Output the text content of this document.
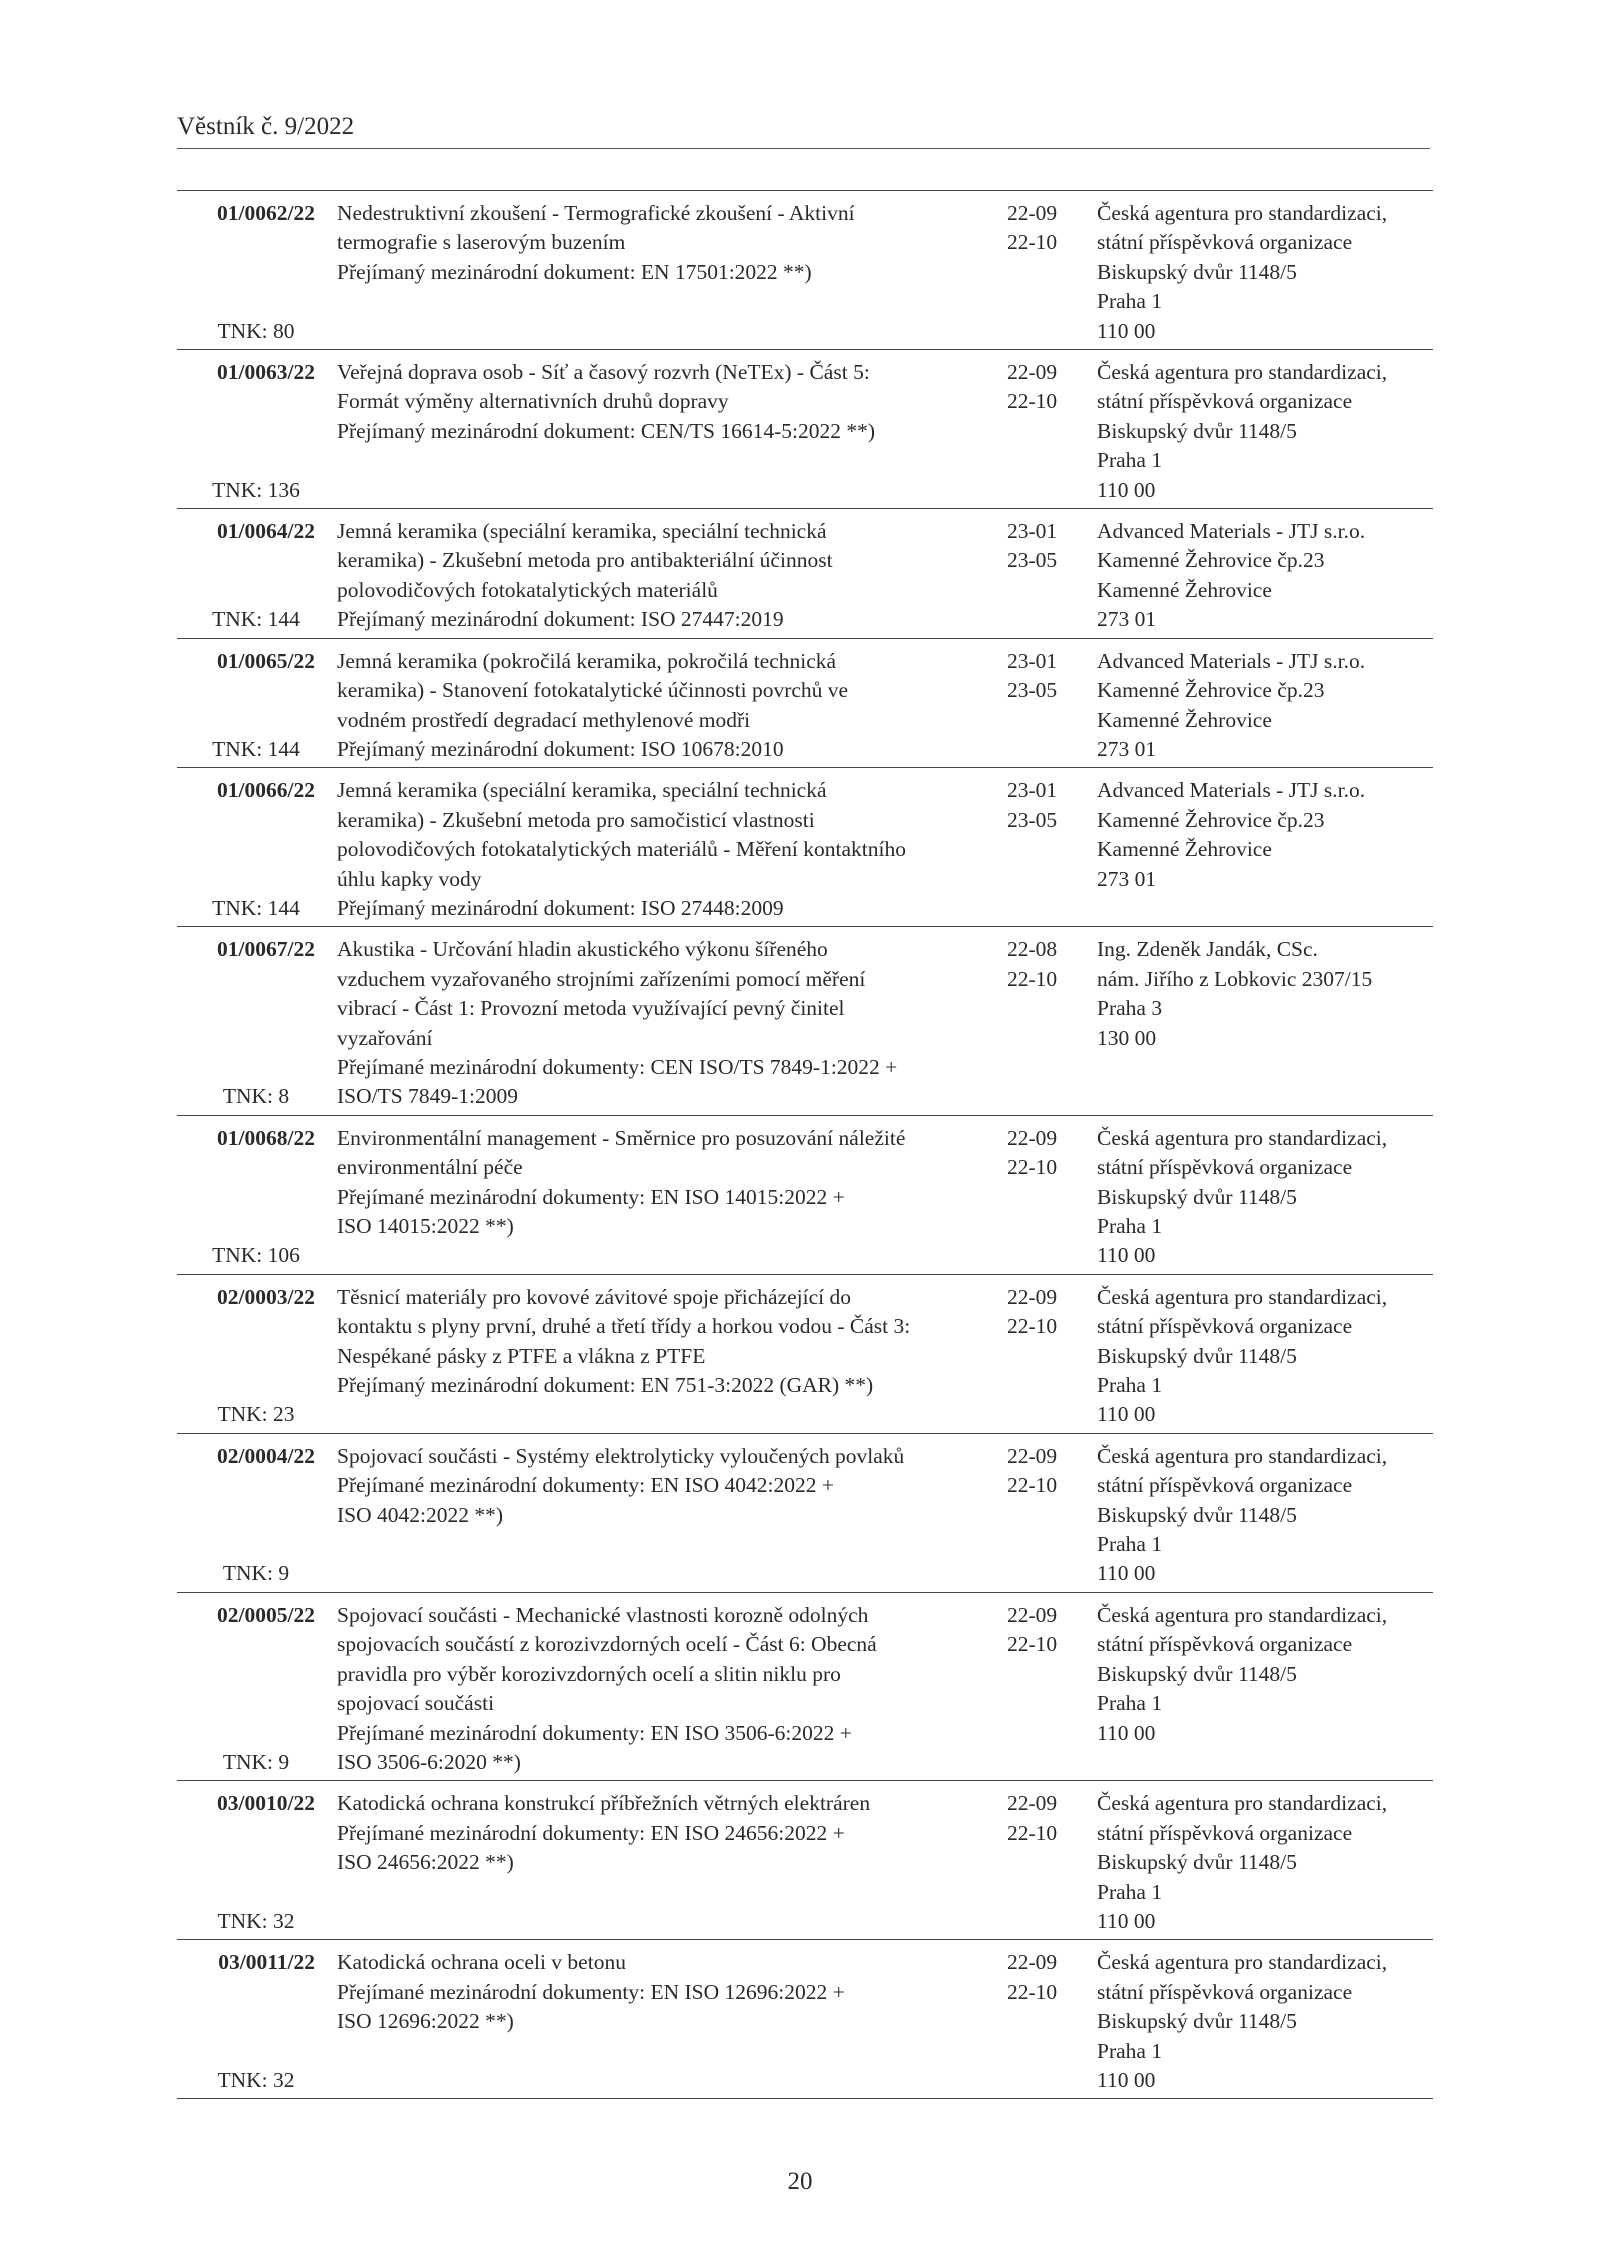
Věstník č. 9/2022
01/0062/22
TNK: 80
Nedestruktivní zkoušení - Termografické zkoušení - Aktivní
termografie s laserovým buzením
Přejímaný mezinárodní dokument: EN 17501:2022 **)
22-09
22-10
Česká agentura pro standardizaci,
státní příspěvková organizace
Biskupský dvůr 1148/5
Praha 1
110 00
01/0063/22
TNK: 136
Veřejná doprava osob - Síť a časový rozvrh (NeTEx) - Část 5:
Formát výměny alternativních druhů dopravy
Přejímaný mezinárodní dokument: CEN/TS 16614-5:2022 **)
22-09
22-10
Česká agentura pro standardizaci,
státní příspěvková organizace
Biskupský dvůr 1148/5
Praha 1
110 00
01/0064/22
TNK: 144
Jemná keramika (speciální keramika, speciální technická
keramika) - Zkušební metoda pro antibakteriální účinnost
polovodičových fotokatalytických materiálů
Přejímaný mezinárodní dokument: ISO 27447:2019
23-01
23-05
Advanced Materials - JTJ s.r.o.
Kamenné Žehrovice čp.23
Kamenné Žehrovice
273 01
01/0065/22
TNK: 144
Jemná keramika (pokročilá keramika, pokročilá technická
keramika) - Stanovení fotokatalytické účinnosti povrchů ve
vodném prostředí degradací methylenové modři
Přejímaný mezinárodní dokument: ISO 10678:2010
23-01
23-05
Advanced Materials - JTJ s.r.o.
Kamenné Žehrovice čp.23
Kamenné Žehrovice
273 01
01/0066/22
TNK: 144
Jemná keramika (speciální keramika, speciální technická
keramika) - Zkušební metoda pro samočisticí vlastnosti
polovodičových fotokatalytických materiálů - Měření kontaktního
úhlu kapky vody
Přejímaný mezinárodní dokument: ISO 27448:2009
23-01
23-05
Advanced Materials - JTJ s.r.o.
Kamenné Žehrovice čp.23
Kamenné Žehrovice
273 01
01/0067/22
TNK: 8
Akustika - Určování hladin akustického výkonu šířeného
vzduchem vyzařovaného strojními zařízeními pomocí měření
vibrací - Část 1: Provozní metoda využívající pevný činitel
vyzařování
Přejímané mezinárodní dokumenty: CEN ISO/TS 7849-1:2022 +
ISO/TS 7849-1:2009
22-08
22-10
Ing. Zdeněk Jandák, CSc.
nám. Jiřího z Lobkovic 2307/15
Praha 3
130 00
01/0068/22
TNK: 106
Environmentální management - Směrnice pro posuzování náležité
environmentální péče
Přejímané mezinárodní dokumenty: EN ISO 14015:2022 +
ISO 14015:2022 **)
22-09
22-10
Česká agentura pro standardizaci,
státní příspěvková organizace
Biskupský dvůr 1148/5
Praha 1
110 00
02/0003/22
TNK: 23
Těsnicí materiály pro kovové závitové spoje přicházející do
kontaktu s plyny první, druhé a třetí třídy a horkou vodou - Část 3:
Nespékané pásky z PTFE a vlákna z PTFE
Přejímaný mezinárodní dokument: EN 751-3:2022 (GAR) **)
22-09
22-10
Česká agentura pro standardizaci,
státní příspěvková organizace
Biskupský dvůr 1148/5
Praha 1
110 00
02/0004/22
TNK: 9
Spojovací součásti - Systémy elektrolyticky vyloučených povlaků
Přejímané mezinárodní dokumenty: EN ISO 4042:2022 +
ISO 4042:2022 **)
22-09
22-10
Česká agentura pro standardizaci,
státní příspěvková organizace
Biskupský dvůr 1148/5
Praha 1
110 00
02/0005/22
TNK: 9
Spojovací součásti - Mechanické vlastnosti korozně odolných
spojovacích součástí z korozivzdorných ocelí - Část 6: Obecná
pravidla pro výběr korozivzdorných ocelí a slitin niklu pro
spojovací součásti
Přejímané mezinárodní dokumenty: EN ISO 3506-6:2022 +
ISO 3506-6:2020 **)
22-09
22-10
Česká agentura pro standardizaci,
státní příspěvková organizace
Biskupský dvůr 1148/5
Praha 1
110 00
03/0010/22
TNK: 32
Katodická ochrana konstrukcí příbřežních větrných elektráren
Přejímané mezinárodní dokumenty: EN ISO 24656:2022 +
ISO 24656:2022 **)
22-09
22-10
Česká agentura pro standardizaci,
státní příspěvková organizace
Biskupský dvůr 1148/5
Praha 1
110 00
03/0011/22
TNK: 32
Katodická ochrana oceli v betonu
Přejímané mezinárodní dokumenty: EN ISO 12696:2022 +
ISO 12696:2022 **)
22-09
22-10
Česká agentura pro standardizaci,
státní příspěvková organizace
Biskupský dvůr 1148/5
Praha 1
110 00
20
